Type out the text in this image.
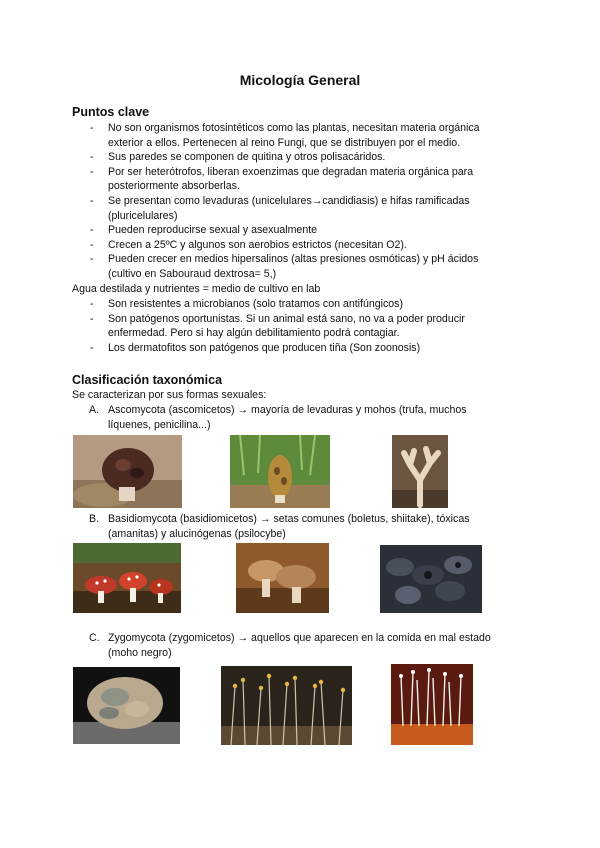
Micología General
Puntos clave
- No son organismos fotosintéticos como las plantas, necesitan materia orgánica exterior a ellos. Pertenecen al reino Fungi, que se distribuyen por el medio.
- Sus paredes se componen de quitina y otros polisacáridos.
- Por ser heterótrofos, liberan exoenzimas que degradan materia orgánica para posteriormente absorberlas.
- Se presentan como levaduras (unicelulares→candidiasis) e hifas ramificadas (pluricelulares)
- Pueden reproducirse sexual y asexualmente
- Crecen a 25ºC y algunos son aerobios estrictos (necesitan O2).
- Pueden crecer en medios hipersalinos (altas presiones osmóticas) y pH ácidos (cultivo en Sabouraud dextrosa= 5,)
Agua destilada y nutrientes = medio de cultivo en lab
- Son resistentes a microbianos (solo tratamos con antifúngicos)
- Son patógenos oportunistas. Si un animal está sano, no va a poder producir enfermedad. Pero si hay algún debilitamiento podrá contagiar.
- Los dermatofitos son patógenos que producen tiña (Son zoonosis)
Clasificación taxonómica
Se caracterizan por sus formas sexuales:
A. Ascomycota (ascomicetos) → mayoría de levaduras y mohos (trufa, muchos líquenes, penicilina...)
B. Basidiomycota (basidiomicetos) → setas comunes (boletus, shiitake), tóxicas (amanitas) y alucinógenas (psilocybe)
C. Zygomycota (zygomicetos) → aquellos que aparecen en la comida en mal estado (moho negro)
